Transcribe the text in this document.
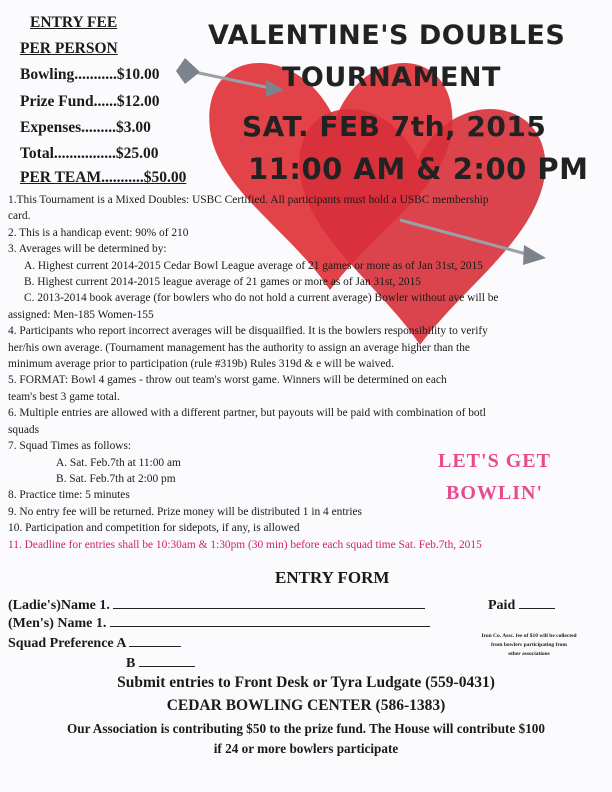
ENTRY FEE
PER PERSON
Bowling...........$10.00
Prize Fund......$12.00
Expenses.........$3.00
Total................$25.00
PER TEAM...........$50.00
VALENTINE'S DOUBLES
TOURNAMENT
SAT. FEB 7th, 2015
11:00 AM & 2:00 PM
1.This Tournament is a Mixed Doubles: USBC Certified. All participants must hold a USBC membership
card.
2. This is a handicap event: 90% of 210
3. Averages will be determined by:
A. Highest current 2014-2015 Cedar Bowl League average of 21 games or more as of Jan 31st, 2015
B. Highest current 2014-2015 league average of 21 games or more as of Jan 31st, 2015
C. 2013-2014 book average (for bowlers who do not hold a current average) Bowler without ave will be
assigned: Men-185 Women-155
4. Participants who report incorrect averages will be disquailfied. It is the bowlers responsibility to verify
her/his own average. (Tournament management has the authority to assign an average higher than the
minimum average prior to participation (rule #319b) Rules 319d & e will be waived.
5. FORMAT: Bowl 4 games - throw out team's worst game. Winners will be determined on each
team's best 3 game total.
6. Multiple entries are allowed with a different partner, but payouts will be paid with combination of botl
squads
7. Squad Times as follows:
A. Sat. Feb.7th at 11:00 am
B. Sat. Feb.7th at 2:00 pm
8. Practice time: 5 minutes
9. No entry fee will be returned. Prize money will be distributed 1 in 4 entries
10. Participation and competition for sidepots, if any, is allowed
11. Deadline for entries shall be 10:30am & 1:30pm (30 min) before each squad time Sat. Feb.7th, 2015
LET'S GET
BOWLIN'
ENTRY FORM
(Ladie's)Name 1.	Paid
(Men's) Name 1.
Squad Preference A
B
Iron Co. Assc. fee of $10 will be collected
from bowlers participating from
other associations
Submit entries to Front Desk or Tyra Ludgate (559-0431)
CEDAR BOWLING CENTER (586-1383)
Our Association is contributing $50 to the prize fund. The House will contribute $100
if 24 or more bowlers participate
